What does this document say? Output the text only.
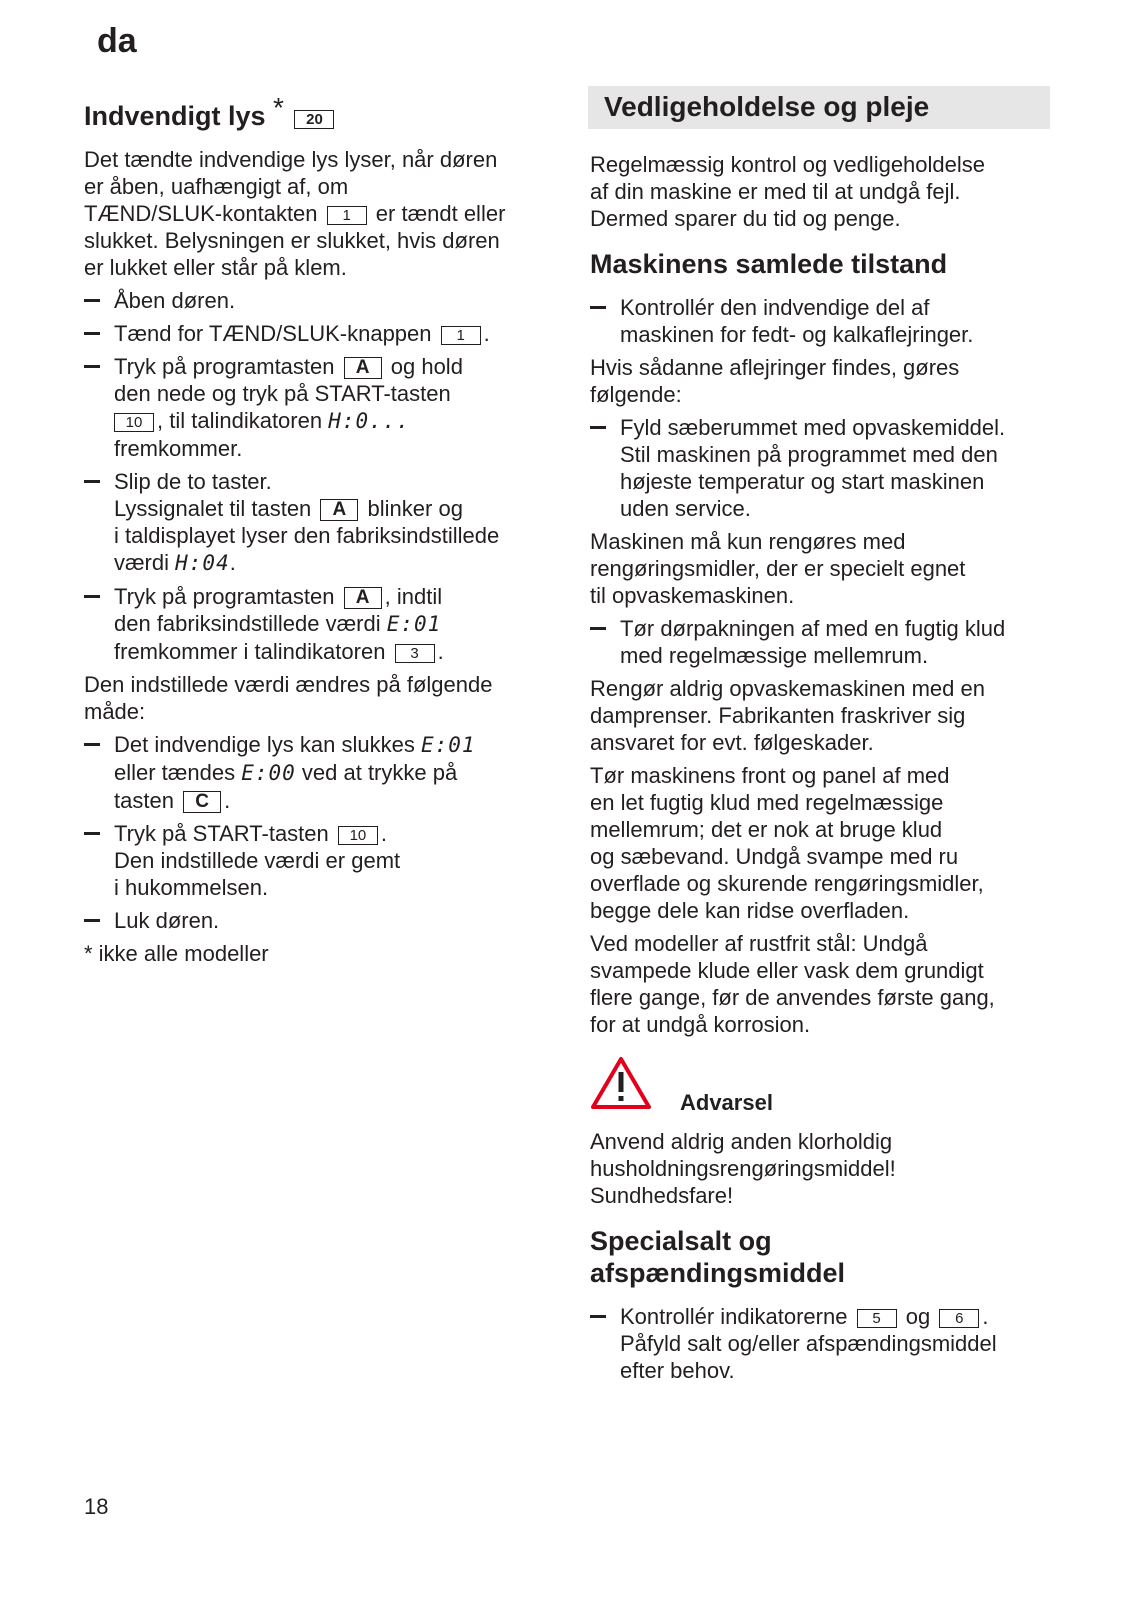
da
Indvendigt lys * 20

Det tændte indvendige lys lyser, når døren
er åben, uafhængigt af, om
TÆND/SLUK-kontakten 1 er tændt eller
slukket. Belysningen er slukket, hvis døren
er lukket eller står på klem.

Åben døren.
Tænd for TÆND/SLUK-knappen 1 .
Tryk på programtasten A og hold
den nede og tryk på START-tasten
10 , til talindikatoren H:0...
fremkommer.
Slip de to taster.
Lyssignalet til tasten A blinker og
i taldisplayet lyser den fabriksindstillede
værdi H:04.
Tryk på programtasten A , indtil
den fabriksindstillede værdi E:01
fremkommer i talindikatoren 3 .

Den indstillede værdi ændres på følgende
måde:

Det indvendige lys kan slukkes E:01
eller tændes E:00 ved at trykke på
tasten C .
Tryk på START-tasten 10 .
Den indstillede værdi er gemt
i hukommelsen.
Luk døren.

* ikke alle modeller

Vedligeholdelse og pleje

Regelmæssig kontrol og vedligeholdelse
af din maskine er med til at undgå fejl.
Dermed sparer du tid og penge.

Maskinens samlede tilstand
Kontrollér den indvendige del af
maskinen for fedt- og kalkaflejringer.

Hvis sådanne aflejringer findes, gøres
følgende:

Fyld sæberummet med opvaskemiddel.
Stil maskinen på programmet med den
højeste temperatur og start maskinen
uden service.

Maskinen må kun rengøres med
rengøringsmidler, der er specielt egnet
til opvaskemaskinen.

Tør dørpakningen af med en fugtig klud
med regelmæssige mellemrum.

Rengør aldrig opvaskemaskinen med en
damprenser. Fabrikanten fraskriver sig
ansvaret for evt. følgeskader.

Tør maskinens front og panel af med
en let fugtig klud med regelmæssige
mellemrum; det er nok at bruge klud
og sæbevand. Undgå svampe med ru
overflade og skurende rengøringsmidler,
begge dele kan ridse overfladen.

Ved modeller af rustfrit stål: Undgå
svampede klude eller vask dem grundigt
flere gange, før de anvendes første gang,
for at undgå korrosion.

Advarsel

Anvend aldrig anden klorholdig
husholdningsrengøringsmiddel!
Sundhedsfare!

Specialsalt og
afspændingsmiddel
Kontrollér indikatorerne 5 og 6 .
Påfyld salt og/eller afspændingsmiddel
efter behov.
18
